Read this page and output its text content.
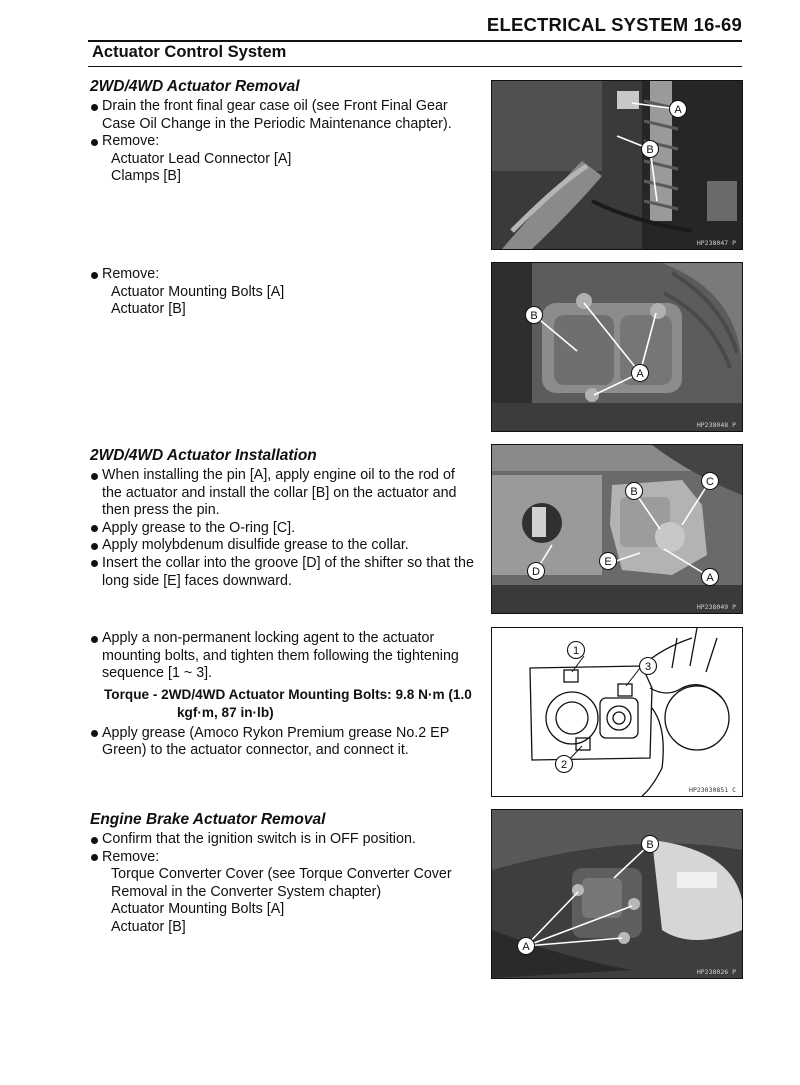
ELECTRICAL SYSTEM 16-69
Actuator Control System
2WD/4WD Actuator Removal
Drain the front final gear case oil (see Front Final Gear Case Oil Change in the Periodic Maintenance chapter).
Remove:
Actuator Lead Connector [A]
Clamps [B]
A
B
HP238047 P
Remove:
Actuator Mounting Bolts [A]
Actuator [B]	B
A
HP238048 P
2WD/4WD Actuator Installation
When installing the pin [A], apply engine oil to the rod of the actuator and install the collar [B] on the actuator and then press the pin.
Apply grease to the O-ring [C].
Apply molybdenum disulfide grease to the collar.
Insert the collar into the groove [D] of the shifter so that the long side [E] faces downward.
B
C
D
E
A
HP238049 P
Apply a non-permanent locking agent to the actuator mounting bolts, and tighten them following the tightening sequence [1 ~ 3].
Torque - 2WD/4WD Actuator Mounting Bolts: 9.8 N·m (1.0
kgf·m, 87 in·lb)
Apply grease (Amoco Rykon Premium grease No.2 EP Green) to the actuator connector, and connect it.
1
3
2
HP23030851 C
Engine Brake Actuator Removal
Confirm that the ignition switch is in OFF position.
Remove:
Torque Converter Cover (see Torque Converter Cover Removal in the Converter System chapter)
Actuator Mounting Bolts [A]
Actuator [B]
B
A
HP238026 P
